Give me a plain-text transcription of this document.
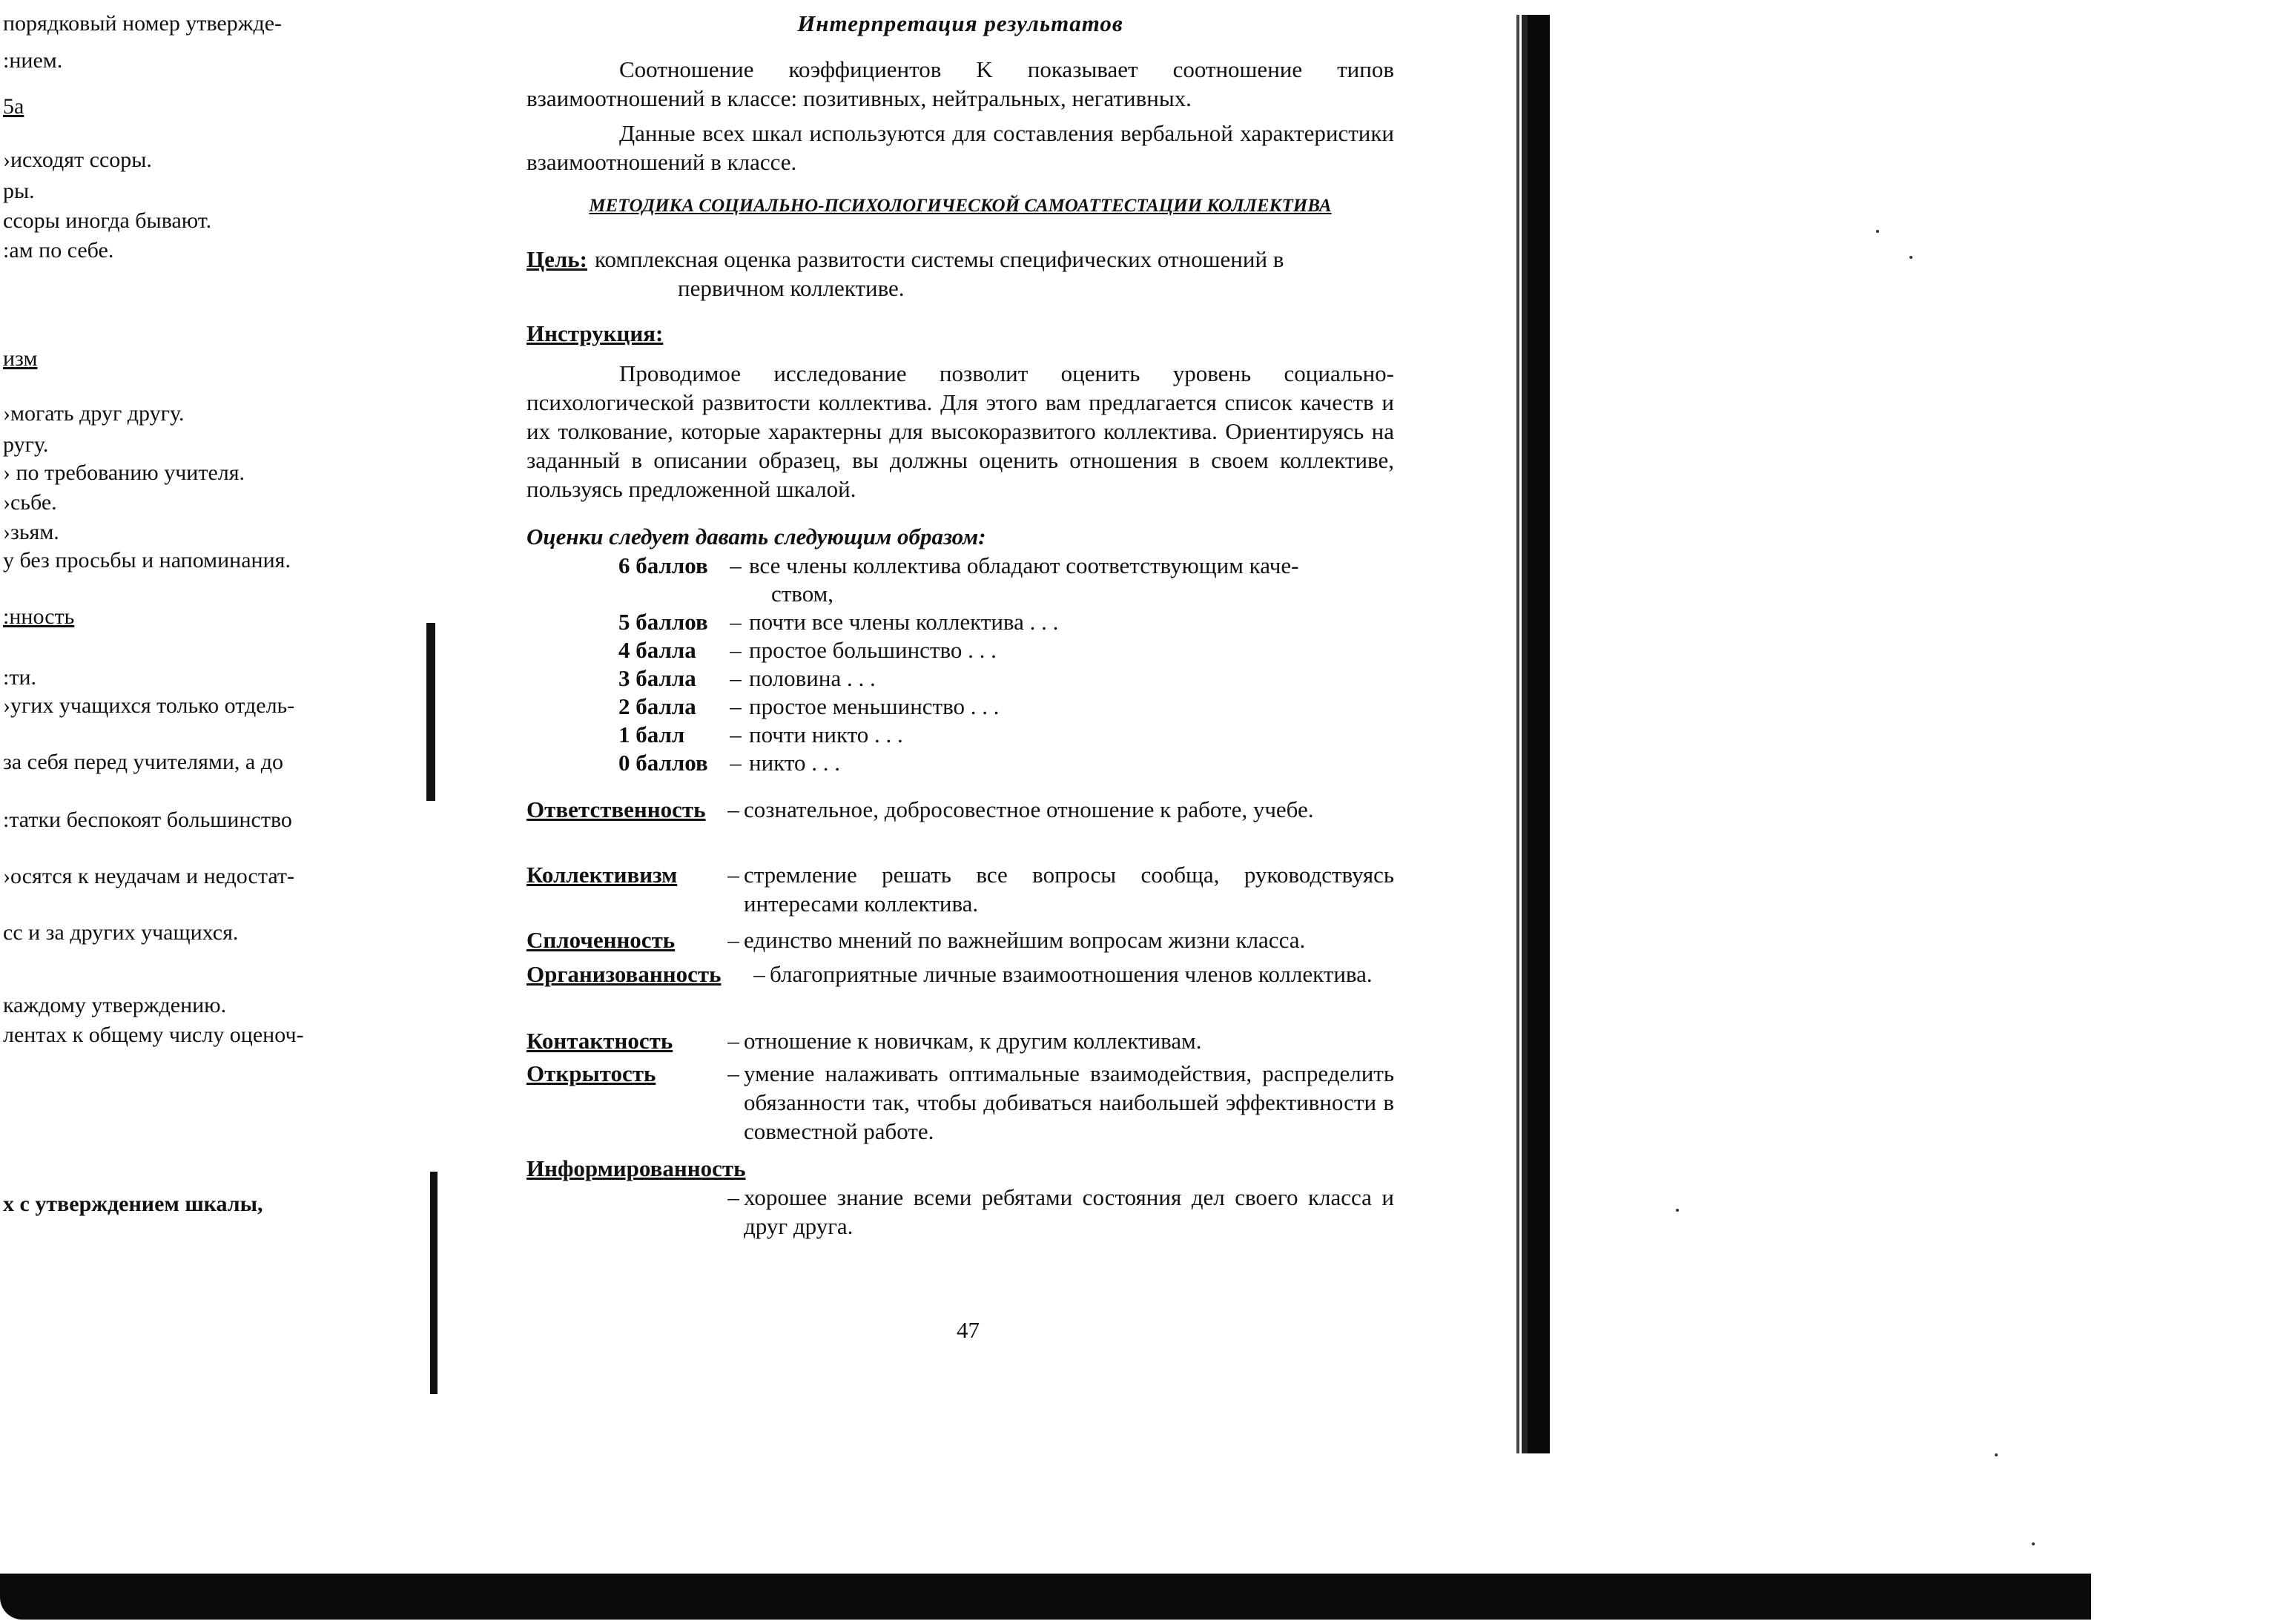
порядковый номер утвержде-
:нием.
5а
›исходят ссоры.
ры.
ссоры иногда бывают.
:ам по себе.
изм
›могать друг другу.
ругу.
› по требованию учителя.
›сьбе.
›зьям.
у без просьбы и напоминания.
:нность
:ти.
›угих учащихся только отдель-
за себя перед учителями, а до
:татки беспокоят большинство
›осятся к неудачам и недостат-
сс и за других учащихся.
каждому утверждению.
лентах к общему числу оценоч-
х с утверждением шкалы,
Интерпретация результатов
Соотношение коэффициентов K показывает соотношение типов взаимоотношений в классе: позитивных, нейтральных, негативных.
Данные всех шкал используются для составления вербальной характеристики взаимоотношений в классе.
МЕТОДИКА СОЦИАЛЬНО-ПСИХОЛОГИЧЕСКОЙ САМОАТТЕСТАЦИИ КОЛЛЕКТИВА
Цель: комплексная оценка развитости системы специфических отношений в
первичном коллективе.
Инструкция:
Проводимое исследование позволит оценить уровень социально-психологической развитости коллектива. Для этого вам предлагается список качеств и их толкование, которые характерны для высокоразвитого коллектива. Ориентируясь на заданный в описании образец, вы должны оценить отношения в своем коллективе, пользуясь предложенной шкалой.
Оценки следует давать следующим образом:
6 баллов – все члены коллектива обладают соответствующим каче-
ством,
5 баллов – почти все члены коллектива . . .
4 балла	– простое большинство . . .
3 балла	– половина . . .
2 балла	– простое меньшинство . . .
1 балл	– почти никто . . .
0 баллов – никто . . .
Ответственность – сознательное, добросовестное отношение к работе, учебе.
Коллективизм	– стремление решать все вопросы сообща, руководствуясь интересами коллектива.
Сплоченность	– единство мнений по важнейшим вопросам жизни класса.
Организованность	– благоприятные личные взаимоотношения членов коллектива.
Контактность	– отношение к новичкам, к другим коллективам.
Открытость	– умение налаживать оптимальные взаимодействия, распределить обязанности так, чтобы добиваться наибольшей эффективности в совместной работе.
Информированность
– хорошее знание всеми ребятами состояния дел своего класса и друг друга.
47
